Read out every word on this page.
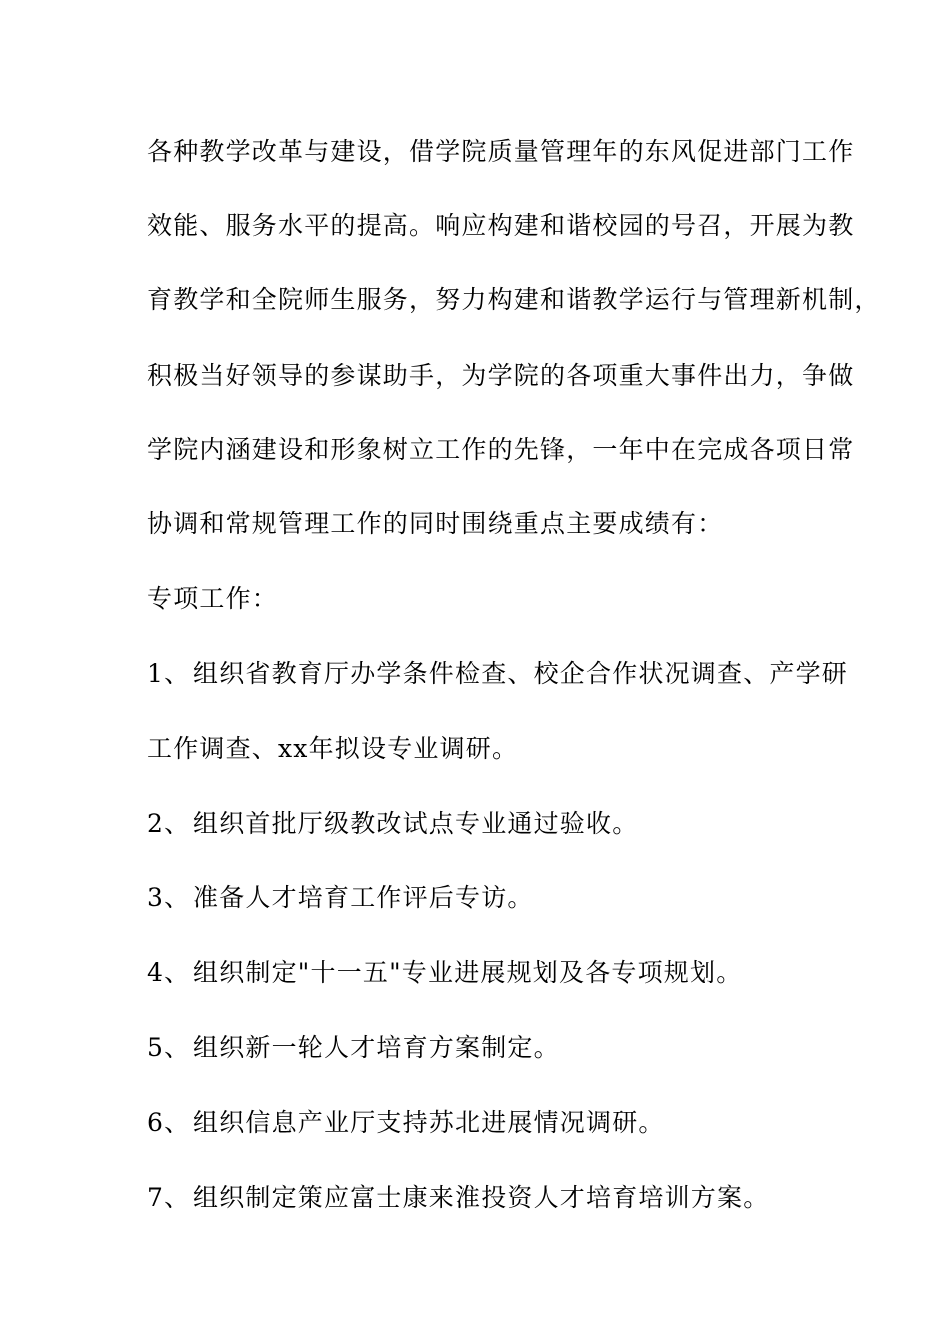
各种教学改革与建设，借学院质量管理年的东风促进部门工作
效能、服务水平的提高。响应构建和谐校园的号召，开展为教
育教学和全院师生服务，努力构建和谐教学运行与管理新机制，
积极当好领导的参谋助手，为学院的各项重大事件出力，争做
学院内涵建设和形象树立工作的先锋，一年中在完成各项日常
协调和常规管理工作的同时围绕重点主要成绩有：
专项工作：
1、 组织省教育厅办学条件检查、校企合作状况调查、产学研
工作调查、xx年拟设专业调研。
2、 组织首批厅级教改试点专业通过验收。
3、 准备人才培育工作评后专访。
4、 组织制定"十一五"专业进展规划及各专项规划。
5、 组织新一轮人才培育方案制定。
6、 组织信息产业厅支持苏北进展情况调研。
7、 组织制定策应富士康来淮投资人才培育培训方案。
